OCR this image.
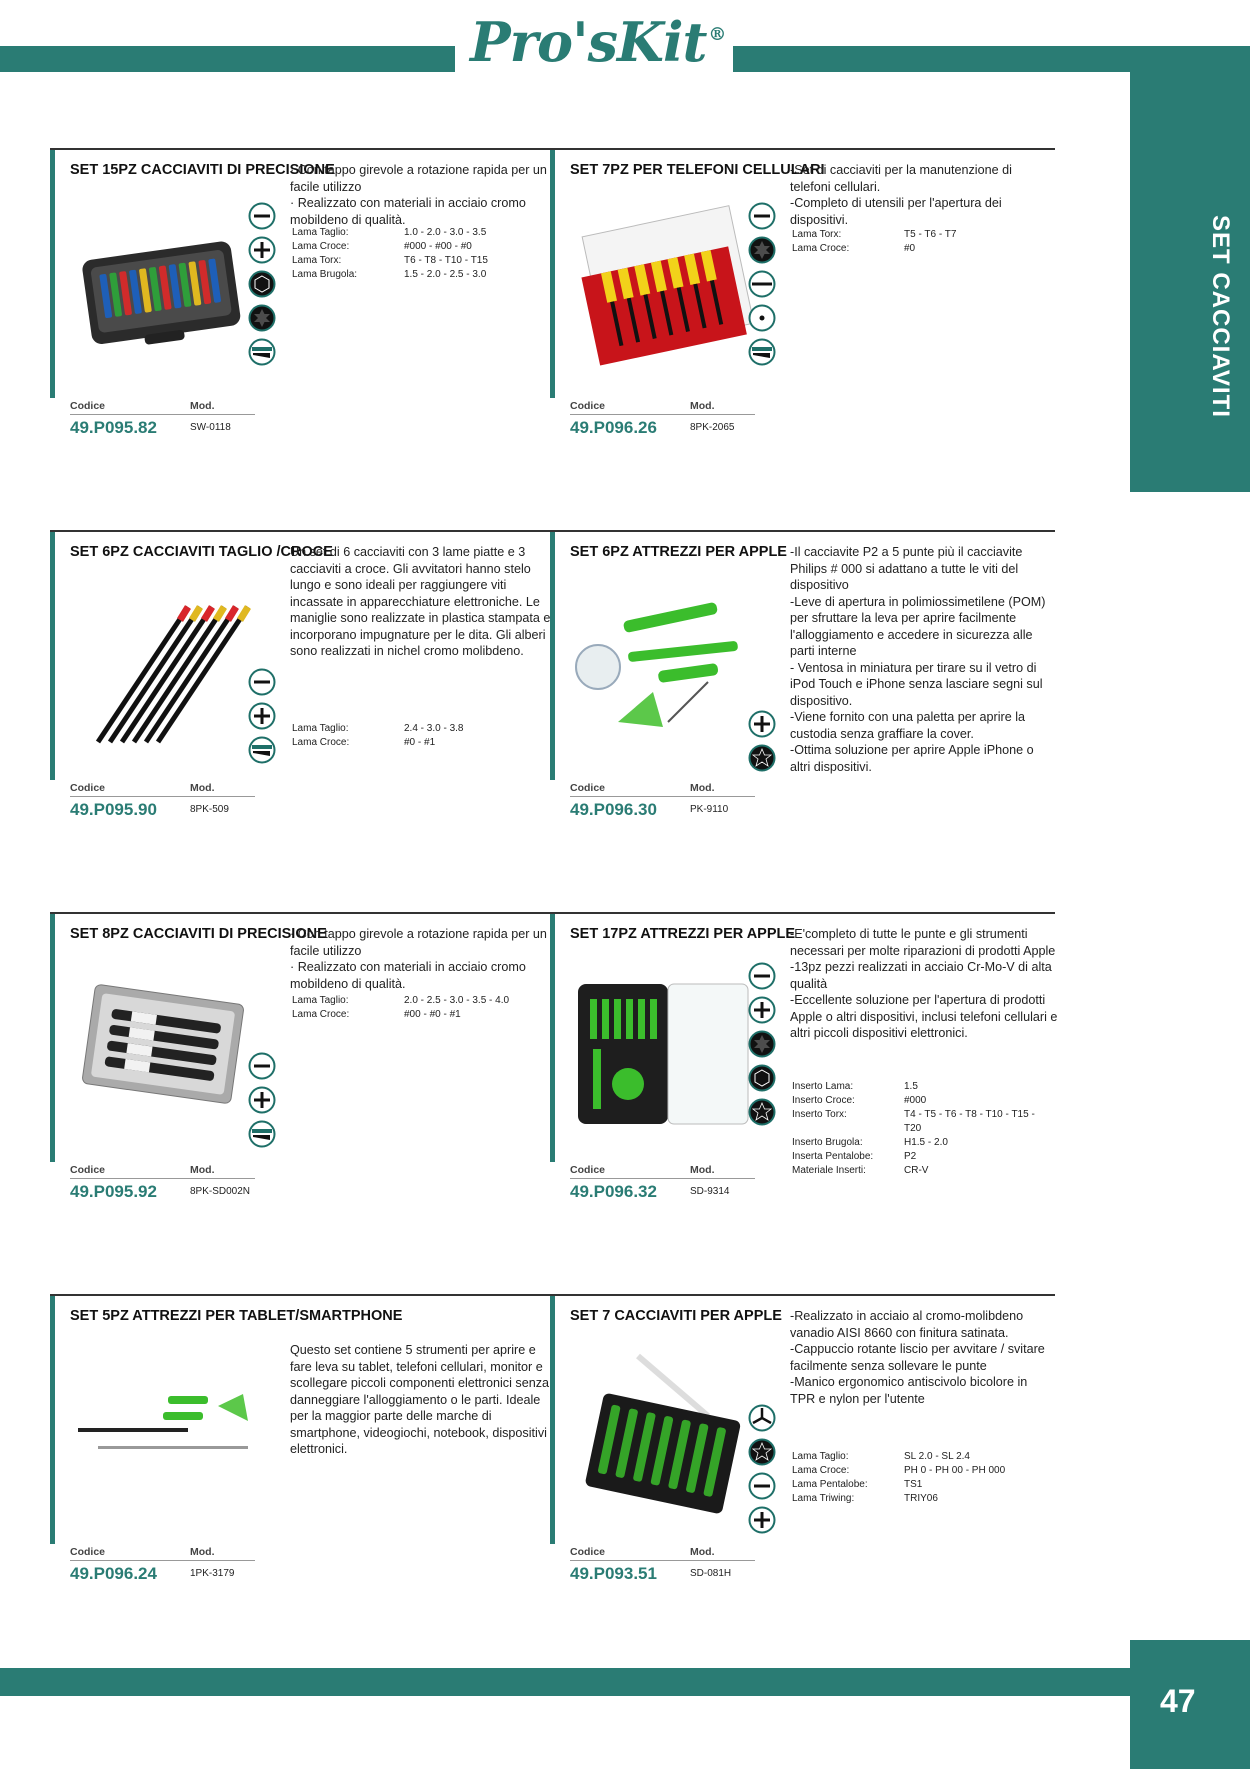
Pro'sKit ®
SET CACCIAVITI
SET 15PZ CACCIAVITI DI PRECISIONE

· Con tappo girevole a rotazione rapida per un facile utilizzo

· Realizzato con materiali in acciaio cromo mobildeno di qualità.

Lama Taglio:	1.0 - 2.0 - 3.0 - 3.5
Lama Croce:	#000 - #00 - #0
Lama Torx:	T6 - T8 - T10 - T15
Lama Brugola:	1.5 - 2.0 - 2.5 - 3.0
Codice	Mod.
49.P095.82	SW-0118
SET 7PZ PER TELEFONI CELLULARI

-Set di cacciaviti per la manutenzione di telefoni cellulari.

-Completo di utensili per l'apertura dei dispositivi.

Lama Torx:	T5 - T6 - T7
Lama Croce:	#0
Codice	Mod.
49.P096.26	8PK-2065
SET 6PZ CACCIAVITI TAGLIO /CROCE

Un set di 6 cacciaviti con 3 lame piatte e 3 cacciaviti a croce. Gli avvitatori hanno stelo lungo e sono ideali per raggiungere viti incassate in apparecchiature elettroniche. Le maniglie sono realizzate in plastica stampata e incorporano impugnature per le dita. Gli alberi sono realizzati in nichel cromo molibdeno.

Lama Taglio:	2.4 - 3.0 - 3.8
Lama Croce:	#0 - #1
Codice	Mod.
49.P095.90	8PK-509
SET 6PZ ATTREZZI PER APPLE -Il cacciavite P2 a 5 punte più il cacciavite Philips # 000 si adattano a tutte le viti del dispositivo

-Leve di apertura in polimiossimetilene (POM) per sfruttare la leva per aprire facilmente l'alloggiamento e accedere in sicurezza alle parti interne

- Ventosa in miniatura per tirare su il vetro di iPod Touch e iPhone senza lasciare segni sul dispositivo.

-Viene fornito con una paletta per aprire la custodia senza graffiare la cover.

-Ottima soluzione per aprire Apple iPhone o altri dispositivi.

Codice	Mod.
49.P096.30	PK-9110
SET 8PZ CACCIAVITI DI PRECISIONE

· Con tappo girevole a rotazione rapida per un facile utilizzo

· Realizzato con materiali in acciaio cromo mobildeno di qualità.

Lama Taglio:	2.0 - 2.5 - 3.0 - 3.5 - 4.0
Lama Croce:	#00 - #0 - #1
Codice	Mod.
49.P095.92	8PK-SD002N
SET 17PZ ATTREZZI PER APPLE

-E'completo di tutte le punte e gli strumenti necessari per molte riparazioni di prodotti Apple

-13pz pezzi realizzati in acciaio Cr-Mo-V di alta qualità

-Eccellente soluzione per l'apertura di prodotti Apple o altri dispositivi, inclusi telefoni cellulari e altri piccoli dispositivi elettronici.

Inserto Lama:	1.5
Inserto Croce:	#000
Inserto Torx:	T4 - T5 - T6 - T8 - T10 - T15 - T20
Inserto Brugola:	H1.5 - 2.0
Inserta Pentalobe:	P2
Materiale Inserti:	CR-V
Codice	Mod.
49.P096.32	SD-9314
SET 5PZ ATTREZZI PER TABLET/SMARTPHONE

Questo set contiene 5 strumenti per aprire e fare leva su tablet, telefoni cellulari, monitor e scollegare piccoli componenti elettronici senza danneggiare l'alloggiamento o le parti. Ideale per la maggior parte delle marche di smartphone, videogiochi, notebook, dispositivi elettronici.

Codice	Mod.
49.P096.24	1PK-3179
SET 7 CACCIAVITI PER APPLE -Realizzato in acciaio al cromo-molibdeno vanadio AISI 8660 con finitura satinata.

-Cappuccio rotante liscio per avvitare / svitare facilmente senza sollevare le punte

-Manico ergonomico antiscivolo bicolore in TPR e nylon per l'utente

Lama Taglio:	SL 2.0 - SL 2.4
Lama Croce:	PH 0 - PH 00 - PH 000
Lama Pentalobe:	TS1
Lama Triwing:	TRIY06
Codice	Mod.
49.P093.51	SD-081H
47
